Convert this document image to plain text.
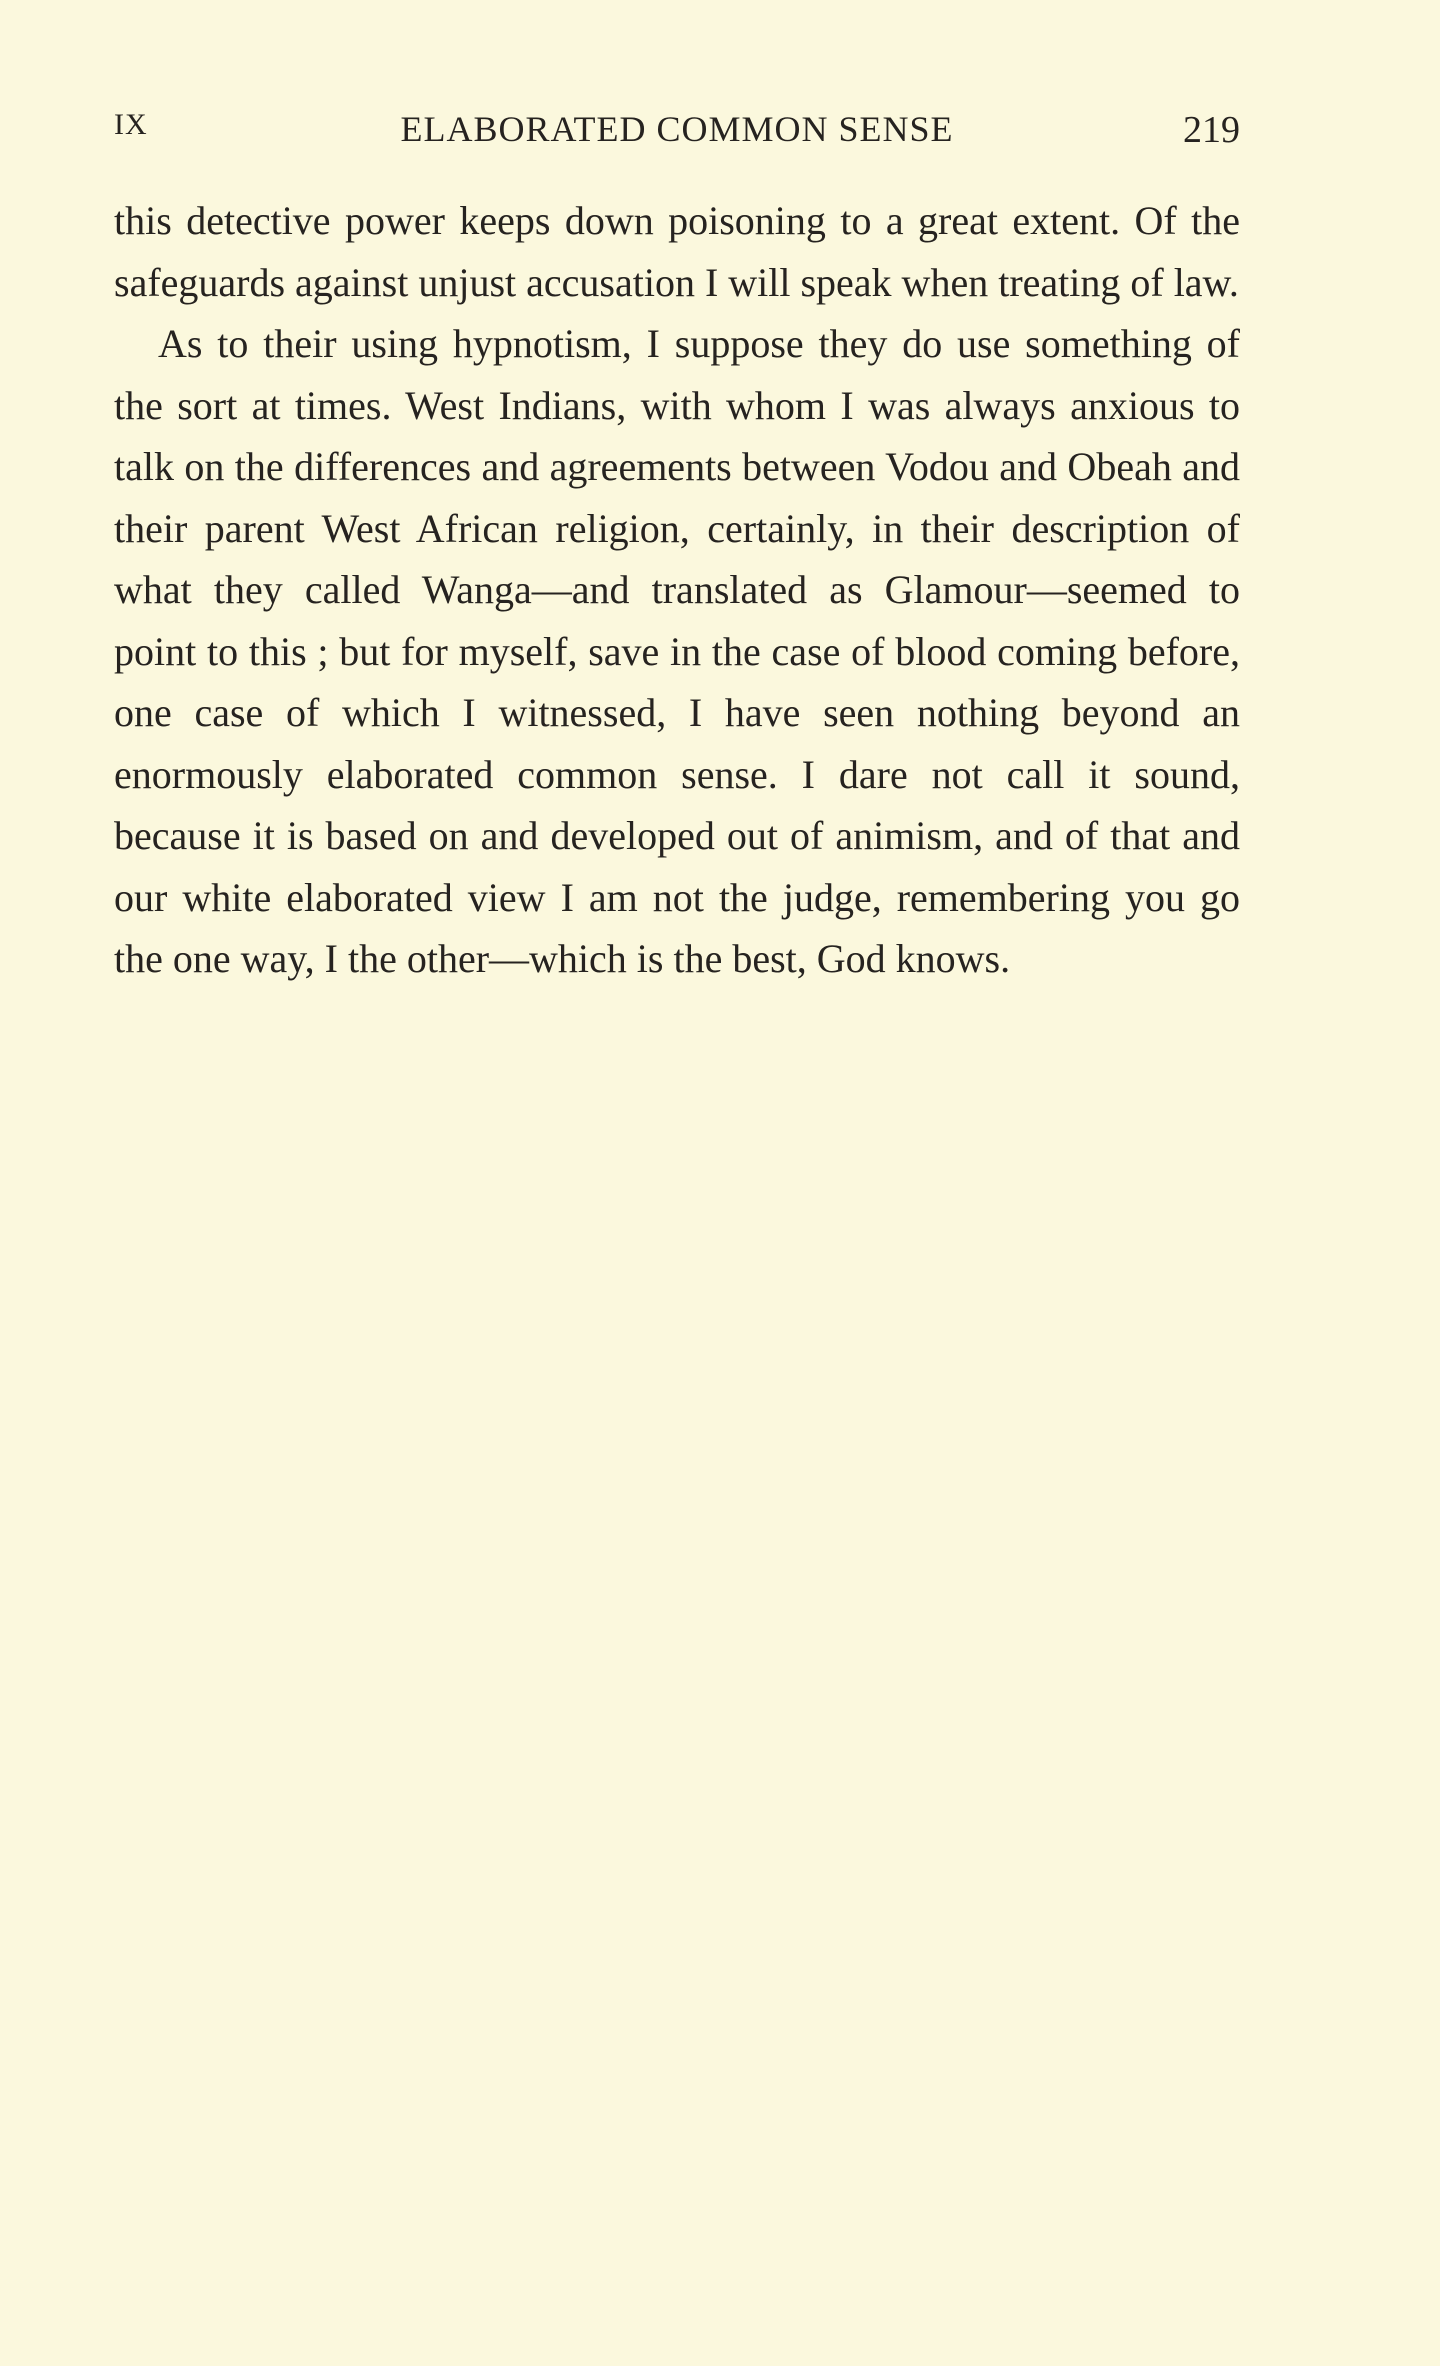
IX	ELABORATED COMMON SENSE	219

this detective power keeps down poisoning to a great extent. Of the safeguards against unjust accusation I will speak when treating of law.

As to their using hypnotism, I suppose they do use something of the sort at times. West Indians, with whom I was always anxious to talk on the differences and agreements between Vodou and Obeah and their parent West African religion, certainly, in their description of what they called Wanga—and translated as Glamour—seemed to point to this ; but for myself, save in the case of blood coming before, one case of which I witnessed, I have seen nothing beyond an enormously elaborated common sense. I dare not call it sound, because it is based on and developed out of animism, and of that and our white elaborated view I am not the judge, remembering you go the one way, I the other—which is the best, God knows.
